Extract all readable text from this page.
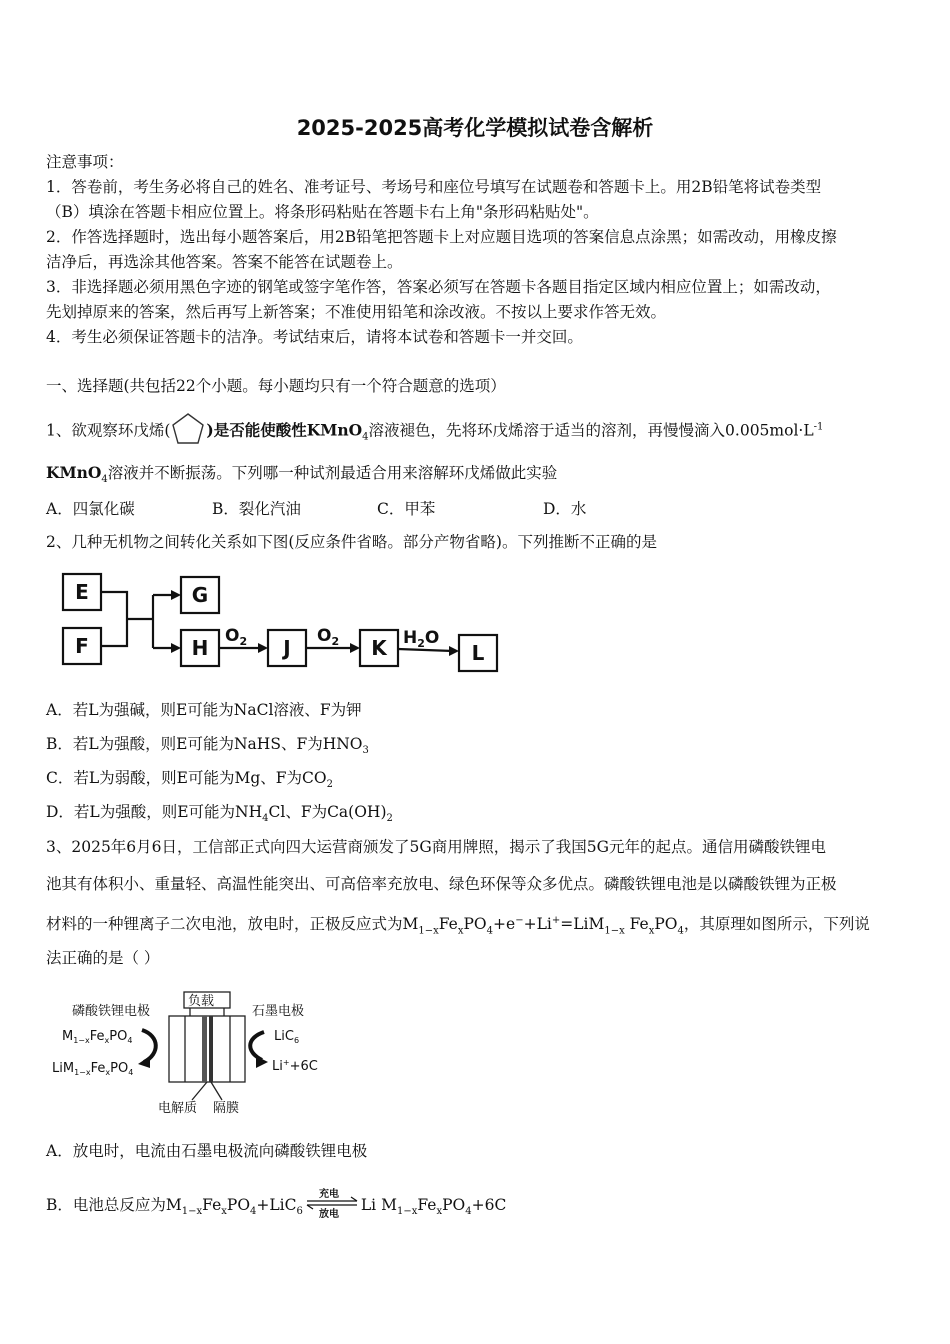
2025-2025高考化学模拟试卷含解析
注意事项：
1．答卷前，考生务必将自己的姓名、准考证号、考场号和座位号填写在试题卷和答题卡上。用2B铅笔将试卷类型
（B）填涂在答题卡相应位置上。将条形码粘贴在答题卡右上角"条形码粘贴处"。
2．作答选择题时，选出每小题答案后，用2B铅笔把答题卡上对应题目选项的答案信息点涂黑；如需改动，用橡皮擦
洁净后，再选涂其他答案。答案不能答在试题卷上。
3．非选择题必须用黑色字迹的钢笔或签字笔作答，答案必须写在答题卡各题目指定区域内相应位置上；如需改动，
先划掉原来的答案，然后再写上新答案；不准使用铅笔和涂改液。不按以上要求作答无效。
4．考生必须保证答题卡的洁净。考试结束后，请将本试卷和答题卡一并交回。
一、选择题(共包括22个小题。每小题均只有一个符合题意的选项）
1、欲观察环戊烯( )是否能使酸性KMnO$_4$溶液褪色，先将环戊烯溶于适当的溶剂，再慢慢滴入$0.005mol\cdot L^{-1}$
KMnO$_4$溶液并不断振荡。下列哪一种试剂最适合用来溶解环戊烯做此实验
A．四氯化碳	B．裂化汽油	C．甲苯	D．水
2、几种无机物之间转化关系如下图(反应条件省略。部分产物省略)。下列推断不正确的是
E
F
G
H	J	K	L
$O_2$	$O_2$	$H_2O$
A．若L为强碱，则E可能为NaCl溶液、F为钾
B．若L为强酸，则E可能为NaHS、F为$HNO_3$
C．若L为弱酸，则E可能为Mg、F为$CO_2$
D．若L为强酸，则E可能为$NH_4Cl$、F为$Ca(OH)_2$
3、2025年6月6日，工信部正式向四大运营商颁发了5G商用牌照，揭示了我国5G元年的起点。通信用磷酸铁锂电
池其有体积小、重量轻、高温性能突出、可高倍率充放电、绿色环保等众多优点。磷酸铁锂电池是以磷酸铁锂为正极
材料的一种锂离子二次电池，放电时，正极反应式为$M_{1-x}Fe_xPO_4+e^-+Li^+=LiM_{1-x}$ $Fe_xPO_4$，其原理如图所示，下列说
法正确的是（ ）
负载
磷酸铁锂电极	石墨电极
$M_{1-x}Fe_xPO_4$
$LiM_{1-x}Fe_xPO_4$
LiC$_6$
Li++6C
电解质 隔膜
A．放电时，电流由石墨电极流向磷酸铁锂电极
B．电池总反应为$M_{1-x}Fe_xPO_4+LiC_6$
充电
放电
Li $M_{1-x}Fe_xPO_4+6C$
